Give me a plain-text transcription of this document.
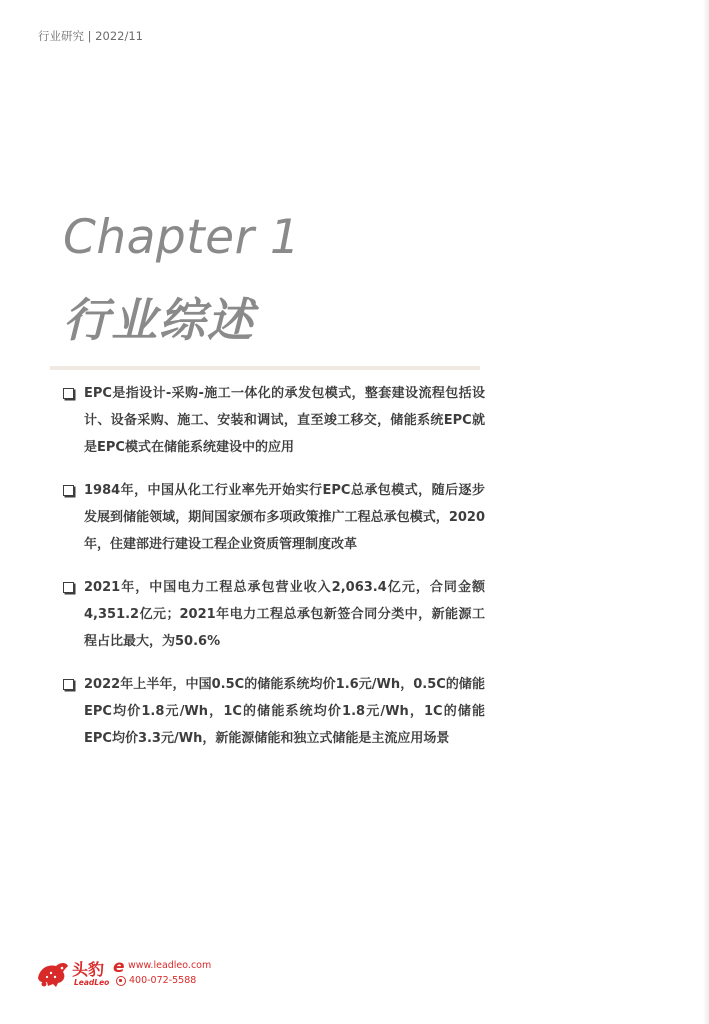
行业研究 | 2022/11
Chapter 1
行业综述
EPC是指设计-采购-施工一体化的承发包模式，整套建设流程包括设计、设备采购、施工、安装和调试，直至竣工移交，储能系统EPC就是EPC模式在储能系统建设中的应用
1984年，中国从化工行业率先开始实行EPC总承包模式，随后逐步发展到储能领域，期间国家颁布多项政策推广工程总承包模式，2020年，住建部进行建设工程企业资质管理制度改革
2021年，中国电力工程总承包营业收入2,063.4亿元，合同金额4,351.2亿元；2021年电力工程总承包新签合同分类中，新能源工程占比最大，为50.6%
2022年上半年，中国0.5C的储能系统均价1.6元/Wh，0.5C的储能EPC均价1.8元/Wh，1C的储能系统均价1.8元/Wh，1C的储能EPC均价3.3元/Wh，新能源储能和独立式储能是主流应用场景
头豹
LeadLeo
e www.leadleo.com
400-072-5588
